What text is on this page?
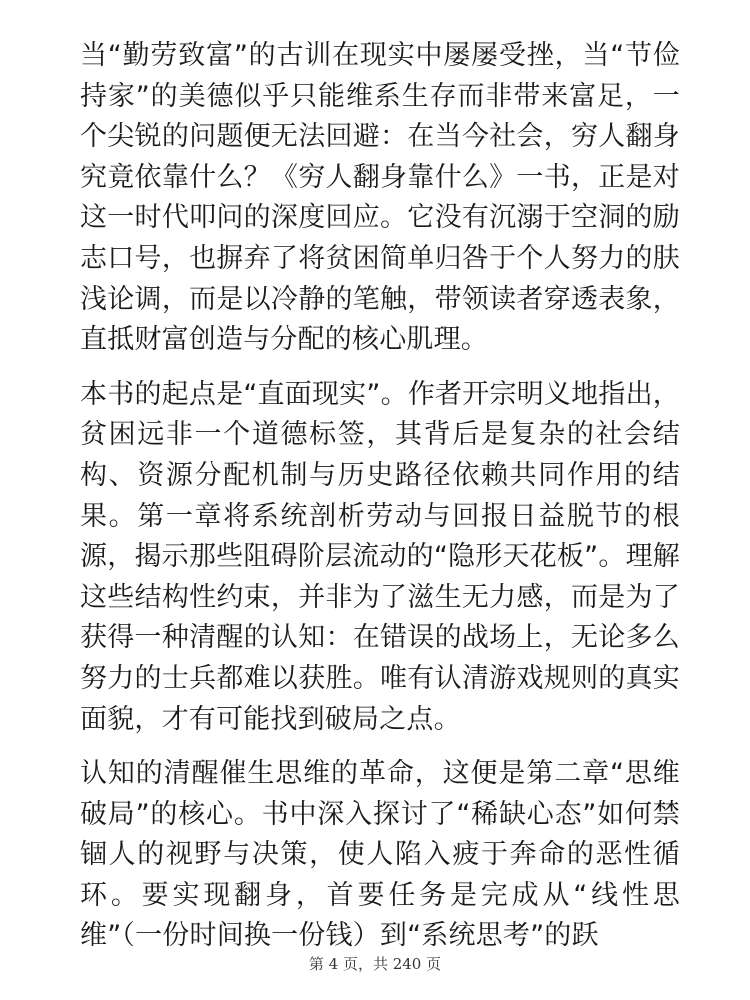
当“勤劳致富”的古训在现实中屡屡受挫，当“节俭持家”的美德似乎只能维系生存而非带来富足，一个尖锐的问题便无法回避：在当今社会，穷人翻身究竟依靠什么？《穷人翻身靠什么》一书，正是对这一时代叩问的深度回应。它没有沉溺于空洞的励志口号，也摒弃了将贫困简单归咎于个人努力的肤浅论调，而是以冷静的笔触，带领读者穿透表象，直抵财富创造与分配的核心肌理。

本书的起点是“直面现实”。作者开宗明义地指出，贫困远非一个道德标签，其背后是复杂的社会结构、资源分配机制与历史路径依赖共同作用的结果。第一章将系统剖析劳动与回报日益脱节的根源，揭示那些阻碍阶层流动的“隐形天花板”。理解这些结构性约束，并非为了滋生无力感，而是为了获得一种清醒的认知：在错误的战场上，无论多么努力的士兵都难以获胜。唯有认清游戏规则的真实面貌，才有可能找到破局之点。

认知的清醒催生思维的革命，这便是第二章“思维破局”的核心。书中深入探讨了“稀缺心态”如何禁锢人的视野与决策，使人陷入疲于奔命的恶性循环。要实现翻身，首要任务是完成从“线性思维”（一份时间换一份钱）到“系统思考”的跃

第 4 页，共 240 页
